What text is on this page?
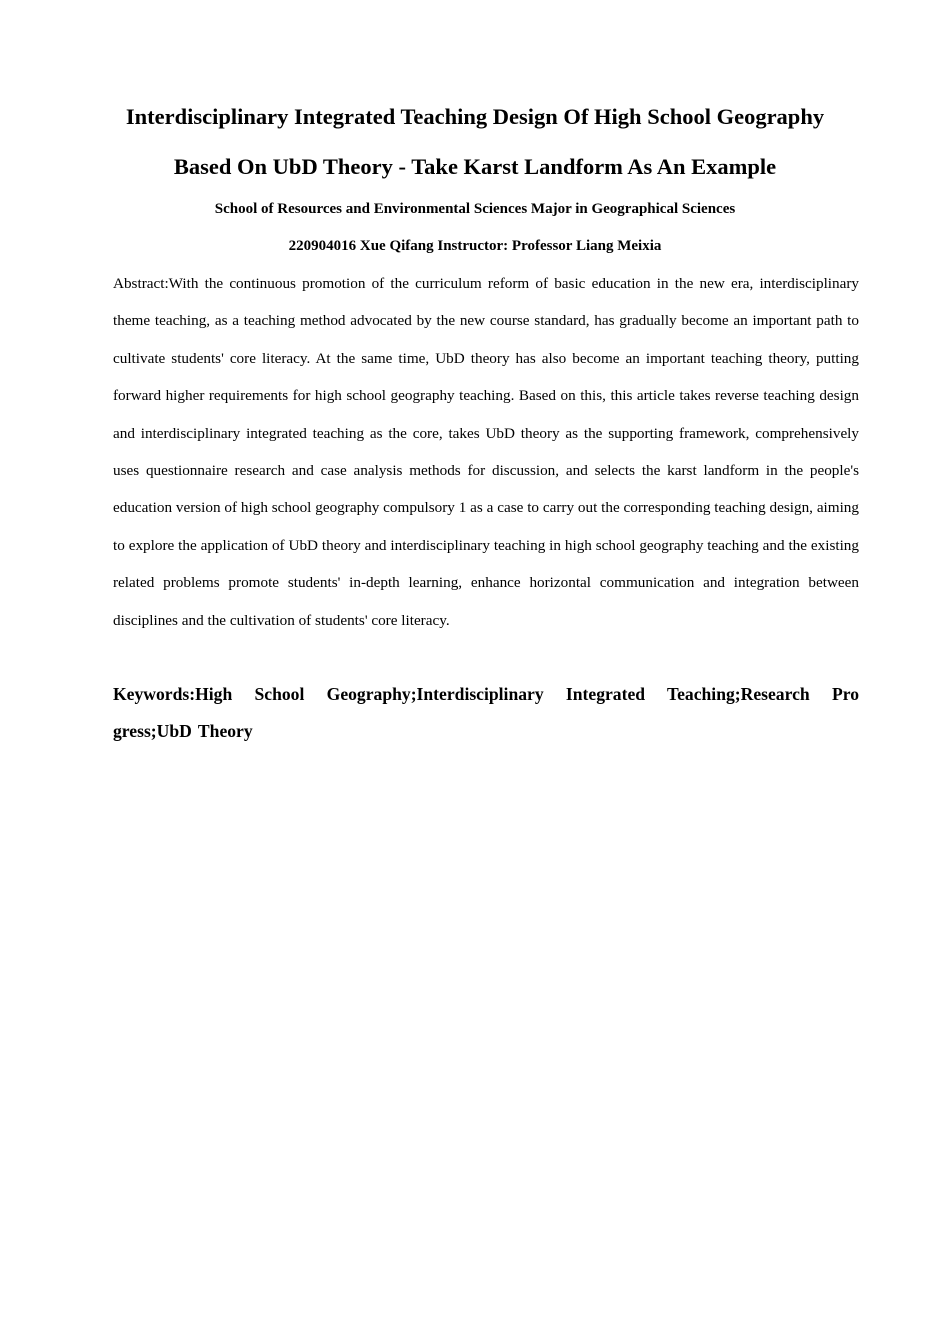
Interdisciplinary Integrated Teaching Design Of High School Geography

Based On UbD Theory - Take Karst Landform As An Example

School of Resources and Environmental Sciences Major in Geographical Sciences

220904016 Xue Qifang Instructor: Professor Liang Meixia

Abstract:With the continuous promotion of the curriculum reform of basic education in the new era, interdisciplinary theme teaching, as a teaching method advocated by the new course standard, has gradually become an important path to cultivate students' core literacy. At the same time, UbD theory has also become an important teaching theory, putting forward higher requirements for high school geography teaching. Based on this, this article takes reverse teaching design and interdisciplinary integrated teaching as the core, takes UbD theory as the supporting framework, comprehensively uses questionnaire research and case analysis methods for discussion, and selects the karst landform in the people's education version of high school geography compulsory 1 as a case to carry out the corresponding teaching design, aiming to explore the application of UbD theory and interdisciplinary teaching in high school geography teaching and the existing related problems promote students' in-depth learning, enhance horizontal communication and integration between disciplines and the cultivation of students' core literacy.

Keywords:High School Geography;Interdisciplinary Integrated Teaching;Research Pro gress;UbD Theory
